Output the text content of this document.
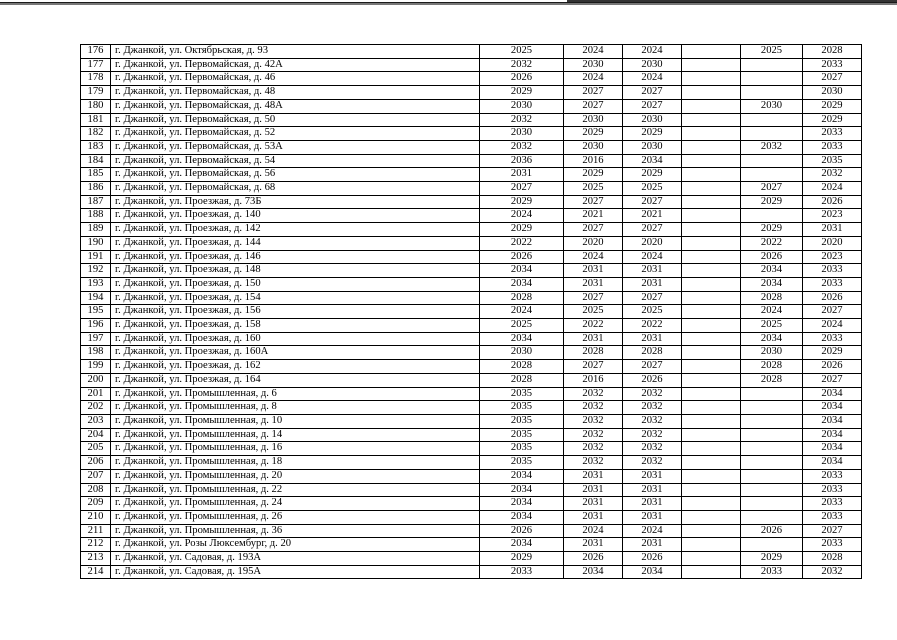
176	г. Джанкой, ул. Октябрьская, д. 93	2025	2024	2024		2025	2028
177	г. Джанкой, ул. Первомайская, д. 42А	2032	2030	2030			2033
178	г. Джанкой, ул. Первомайская, д. 46	2026	2024	2024			2027
179	г. Джанкой, ул. Первомайская, д. 48	2029	2027	2027			2030
180	г. Джанкой, ул. Первомайская, д. 48А	2030	2027	2027		2030	2029
181	г. Джанкой, ул. Первомайская, д. 50	2032	2030	2030			2029
182	г. Джанкой, ул. Первомайская, д. 52	2030	2029	2029			2033
183	г. Джанкой, ул. Первомайская, д. 53А	2032	2030	2030		2032	2033
184	г. Джанкой, ул. Первомайская, д. 54	2036	2016	2034			2035
185	г. Джанкой, ул. Первомайская, д. 56	2031	2029	2029			2032
186	г. Джанкой, ул. Первомайская, д. 68	2027	2025	2025		2027	2024
187	г. Джанкой, ул. Проезжая, д. 73Б	2029	2027	2027		2029	2026
188	г. Джанкой, ул. Проезжая, д. 140	2024	2021	2021			2023
189	г. Джанкой, ул. Проезжая, д. 142	2029	2027	2027		2029	2031
190	г. Джанкой, ул. Проезжая, д. 144	2022	2020	2020		2022	2020
191	г. Джанкой, ул. Проезжая, д. 146	2026	2024	2024		2026	2023
192	г. Джанкой, ул. Проезжая, д. 148	2034	2031	2031		2034	2033
193	г. Джанкой, ул. Проезжая, д. 150	2034	2031	2031		2034	2033
194	г. Джанкой, ул. Проезжая, д. 154	2028	2027	2027		2028	2026
195	г. Джанкой, ул. Проезжая, д. 156	2024	2025	2025		2024	2027
196	г. Джанкой, ул. Проезжая, д. 158	2025	2022	2022		2025	2024
197	г. Джанкой, ул. Проезжая, д. 160	2034	2031	2031		2034	2033
198	г. Джанкой, ул. Проезжая, д. 160А	2030	2028	2028		2030	2029
199	г. Джанкой, ул. Проезжая, д. 162	2028	2027	2027		2028	2026
200	г. Джанкой, ул. Проезжая, д. 164	2028	2016	2026		2028	2027
201	г. Джанкой, ул. Промышленная, д. 6	2035	2032	2032			2034
202	г. Джанкой, ул. Промышленная, д. 8	2035	2032	2032			2034
203	г. Джанкой, ул. Промышленная, д. 10	2035	2032	2032			2034
204	г. Джанкой, ул. Промышленная, д. 14	2035	2032	2032			2034
205	г. Джанкой, ул. Промышленная, д. 16	2035	2032	2032			2034
206	г. Джанкой, ул. Промышленная, д. 18	2035	2032	2032			2034
207	г. Джанкой, ул. Промышленная, д. 20	2034	2031	2031			2033
208	г. Джанкой, ул. Промышленная, д. 22	2034	2031	2031			2033
209	г. Джанкой, ул. Промышленная, д. 24	2034	2031	2031			2033
210	г. Джанкой, ул. Промышленная, д. 26	2034	2031	2031			2033
211	г. Джанкой, ул. Промышленная, д. 36	2026	2024	2024		2026	2027
212	г. Джанкой, ул. Розы Люксембург, д. 20	2034	2031	2031			2033
213	г. Джанкой, ул. Садовая, д. 193А	2029	2026	2026		2029	2028
214	г. Джанкой, ул. Садовая, д. 195А	2033	2034	2034		2033	2032
